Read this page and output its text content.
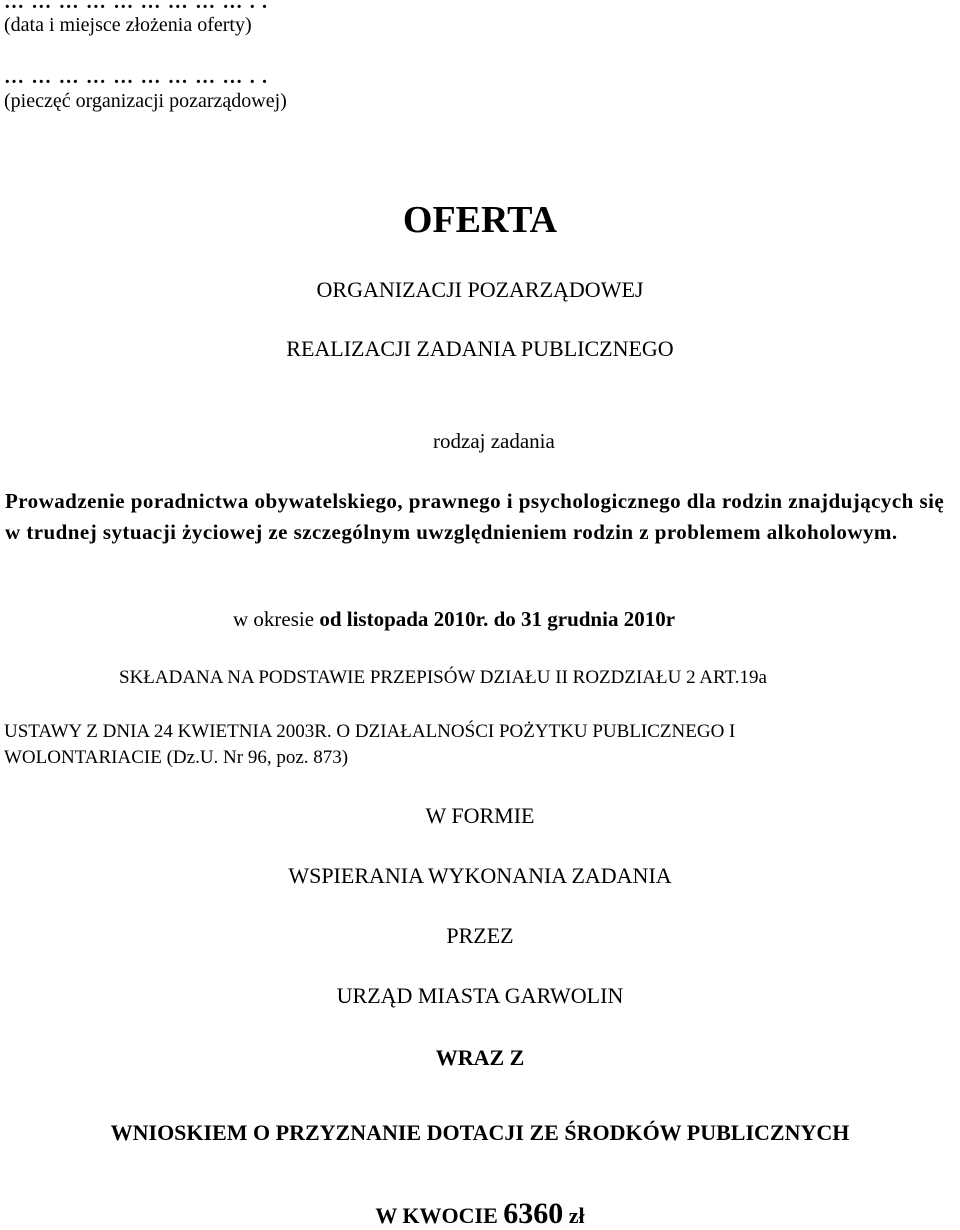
………………………..
(data i miejsce złożenia oferty)
………………………..
(pieczęć organizacji pozarządowej)
OFERTA
ORGANIZACJI POZARZĄDOWEJ
REALIZACJI ZADANIA PUBLICZNEGO
rodzaj zadania
Prowadzenie poradnictwa obywatelskiego, prawnego i psychologicznego dla rodzin znajdujących się w trudnej sytuacji życiowej ze szczególnym uwzględnieniem rodzin z problemem alkoholowym.
w okresie od listopada 2010r. do 31 grudnia 2010r
SKŁADANA NA PODSTAWIE PRZEPISÓW DZIAŁU II ROZDZIAŁU 2 ART.19a
USTAWY Z DNIA 24 KWIETNIA 2003R. O DZIAŁALNOŚCI POŻYTKU PUBLICZNEGO I
WOLONTARIACIE (Dz.U. Nr 96, poz. 873)
W FORMIE
WSPIERANIA WYKONANIA ZADANIA
PRZEZ
URZĄD MIASTA GARWOLIN
WRAZ Z
WNIOSKIEM O PRZYZNANIE DOTACJI ZE ŚRODKÓW PUBLICZNYCH
W KWOCIE 6360 zł
